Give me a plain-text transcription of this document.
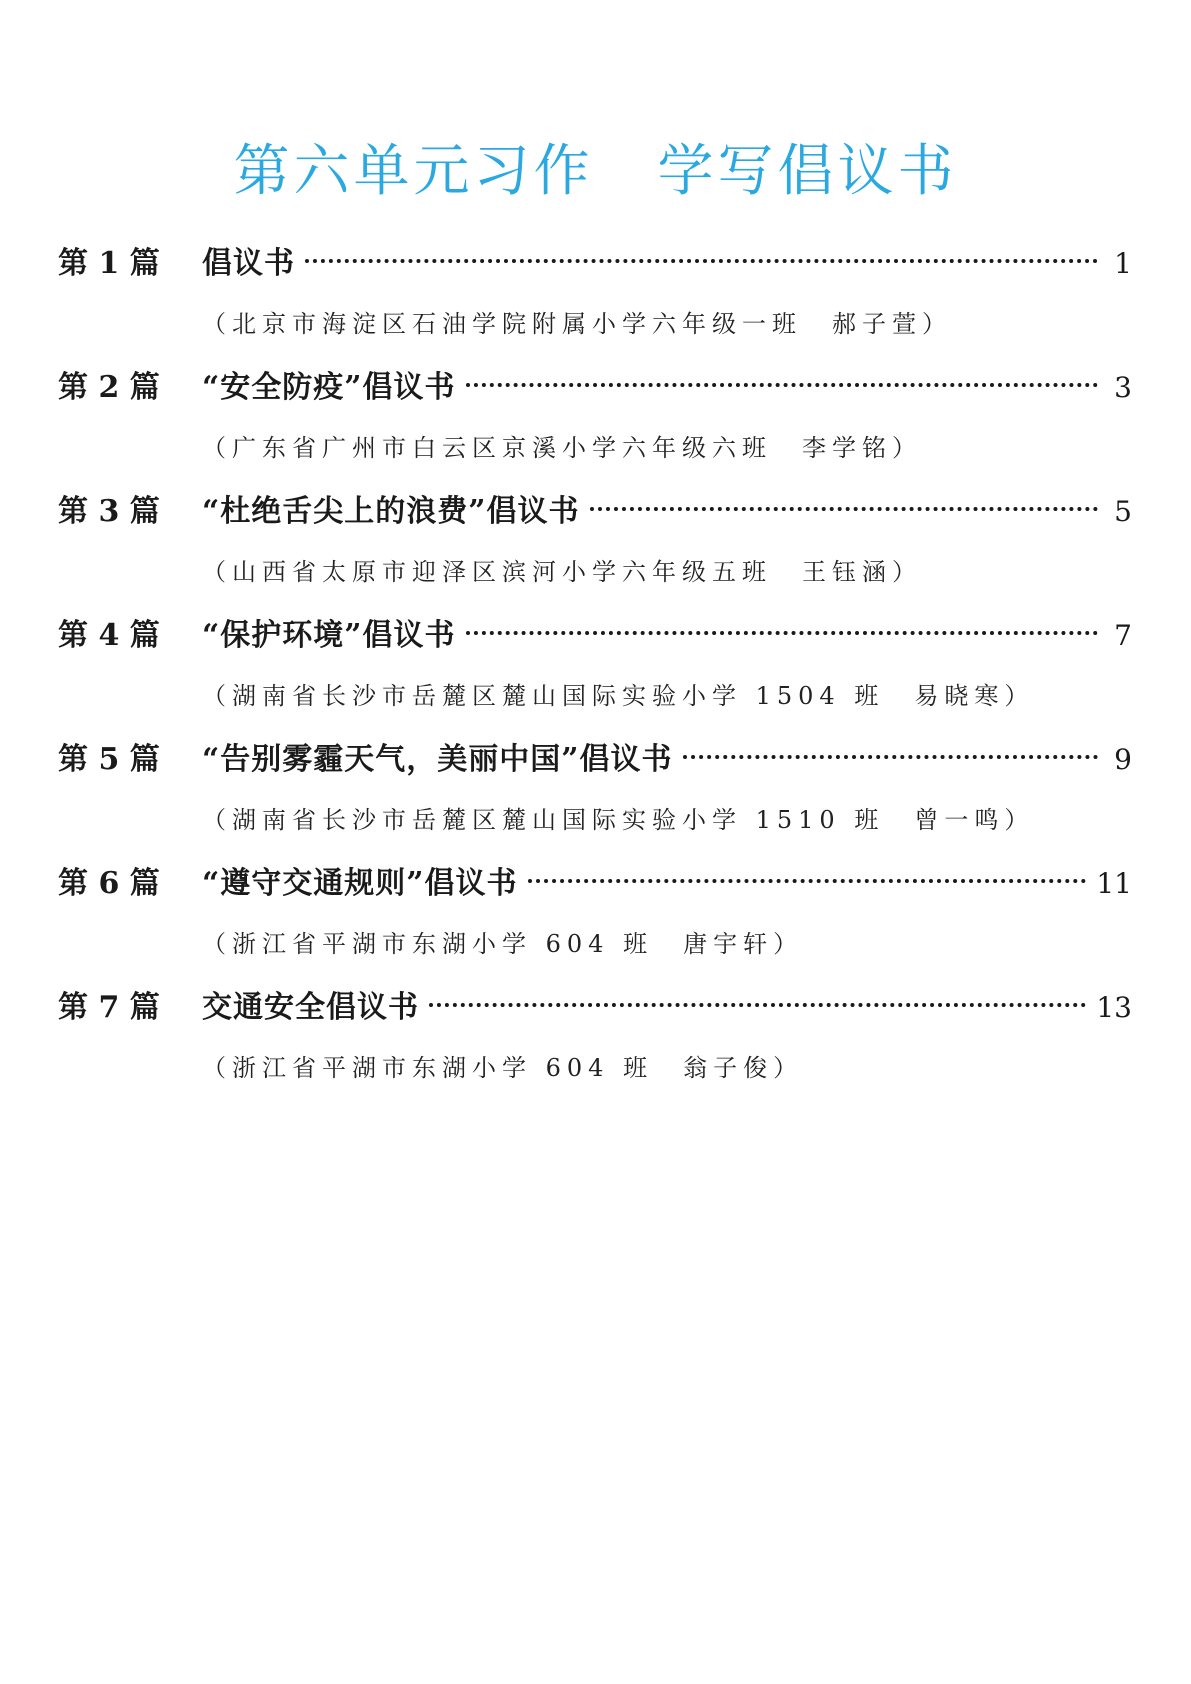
第六单元习作 学写倡议书
第 1 篇	倡议书	1
（北京市海淀区石油学院附属小学六年级一班　郝子萱）
第 2 篇	“安全防疫”倡议书	3
（广东省广州市白云区京溪小学六年级六班　李学铭）
第 3 篇	“杜绝舌尖上的浪费”倡议书	5
（山西省太原市迎泽区滨河小学六年级五班　王钰涵）
第 4 篇	“保护环境”倡议书	7
（湖南省长沙市岳麓区麓山国际实验小学 1504 班　易晓寒）
第 5 篇	“告别雾霾天气，美丽中国”倡议书	9
（湖南省长沙市岳麓区麓山国际实验小学 1510 班　曾一鸣）
第 6 篇	“遵守交通规则”倡议书	11
（浙江省平湖市东湖小学 604 班　唐宇轩）
第 7 篇	交通安全倡议书	13
（浙江省平湖市东湖小学 604 班　翁子俊）
